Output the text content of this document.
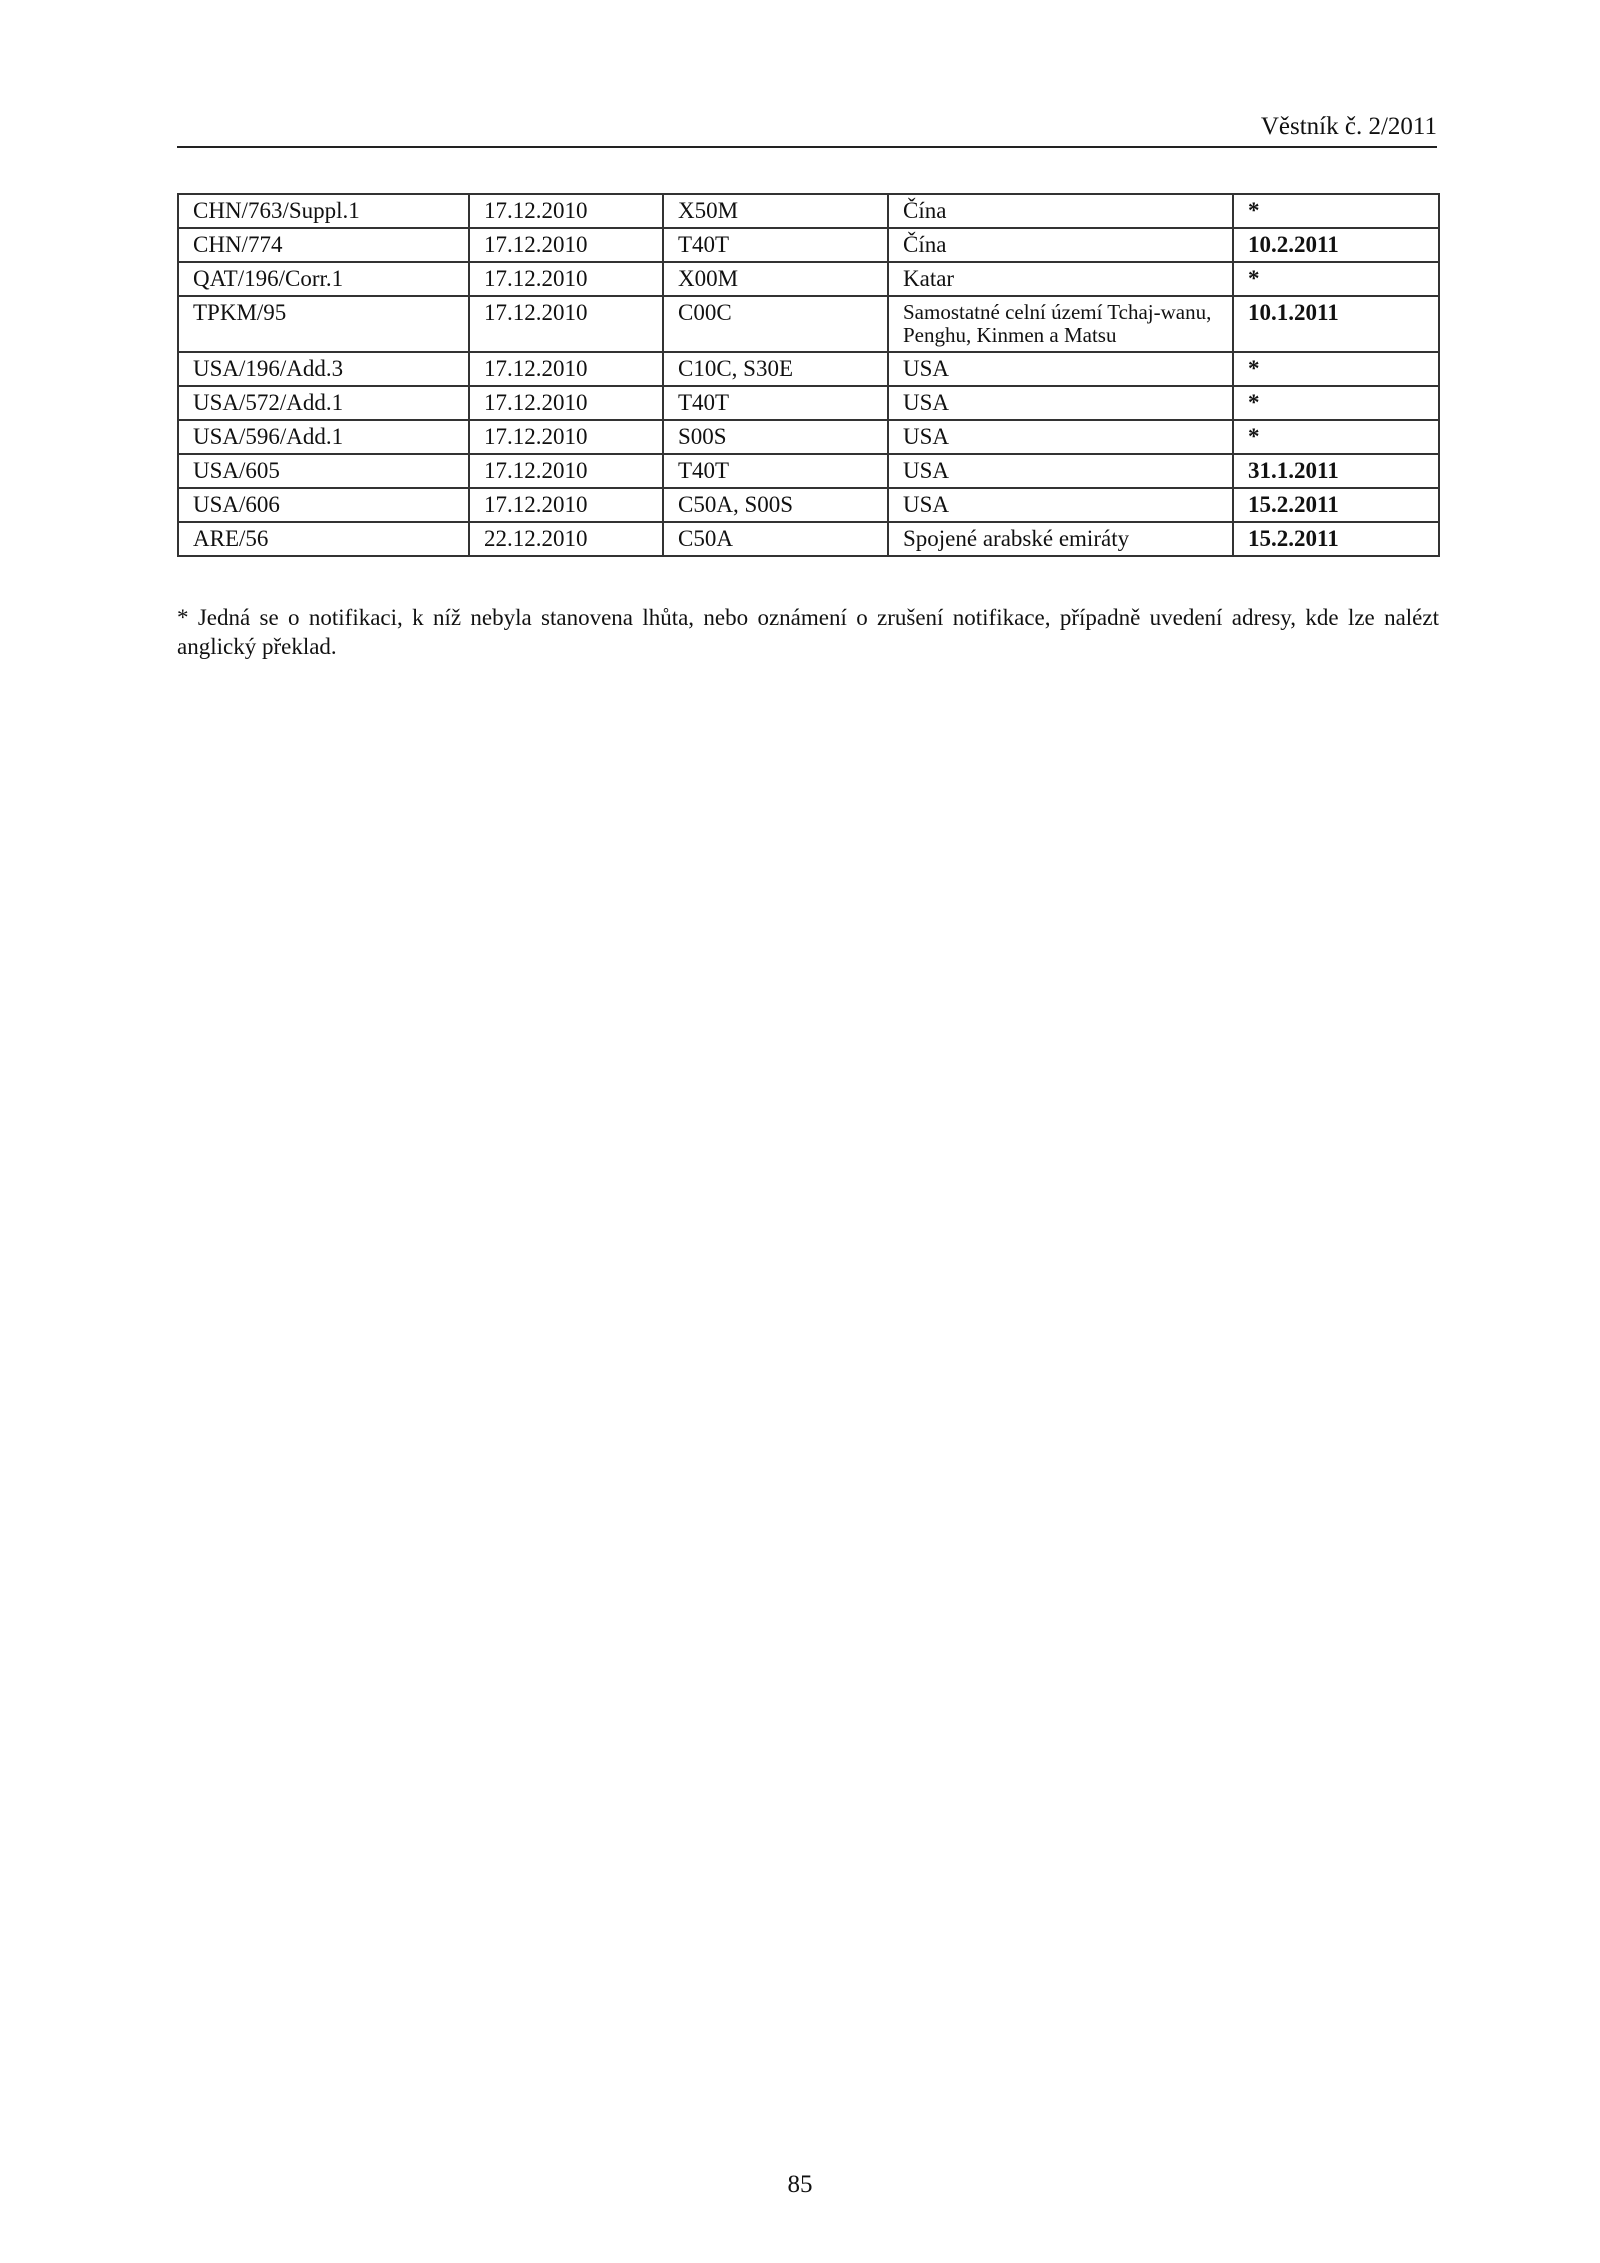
Věstník č. 2/2011
CHN/763/Suppl.1	17.12.2010	X50M	Čína	*
CHN/774	17.12.2010	T40T	Čína	10.2.2011
QAT/196/Corr.1	17.12.2010	X00M	Katar	*
TPKM/95	17.12.2010	C00C	Samostatné celní území Tchaj-wanu, Penghu, Kinmen a Matsu	10.1.2011
USA/196/Add.3	17.12.2010	C10C, S30E	USA	*
USA/572/Add.1	17.12.2010	T40T	USA	*
USA/596/Add.1	17.12.2010	S00S	USA	*
USA/605	17.12.2010	T40T	USA	31.1.2011
USA/606	17.12.2010	C50A, S00S	USA	15.2.2011
ARE/56	22.12.2010	C50A	Spojené arabské emiráty	15.2.2011
* Jedná se o notifikaci, k níž nebyla stanovena lhůta, nebo oznámení o zrušení notifikace, případně uvedení adresy, kde lze nalézt anglický překlad.
85
